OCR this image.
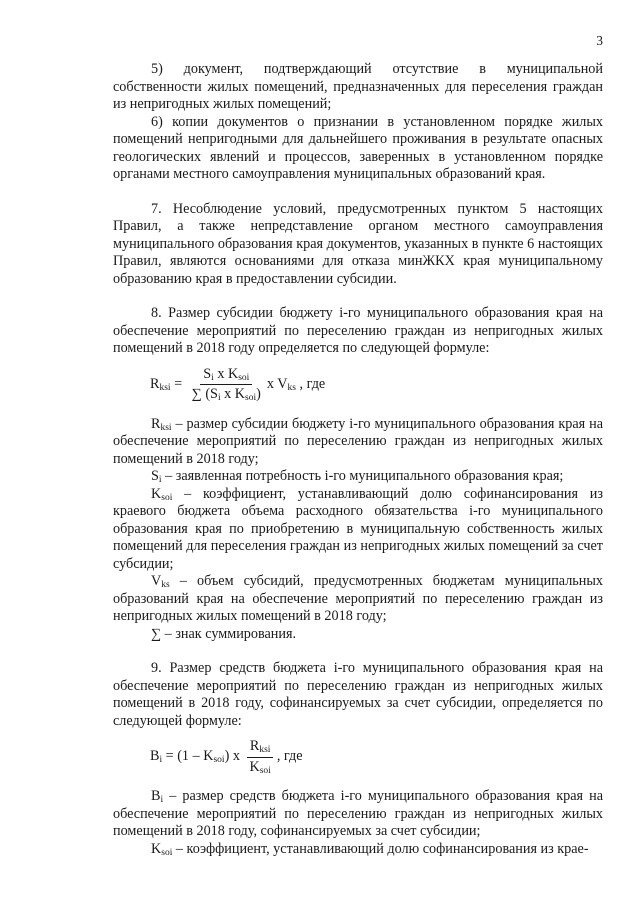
3

5) документ, подтверждающий отсутствие в муниципальной собственности жилых помещений, предназначенных для переселения граждан из непригодных жилых помещений;

6) копии документов о признании в установленном порядке жилых помещений непригодными для дальнейшего проживания в результате опасных геологических явлений и процессов, заверенных в установленном порядке органами местного самоуправления муниципальных образований края.

7. Несоблюдение условий, предусмотренных пунктом 5 настоящих Правил, а также непредставление органом местного самоуправления муниципального образования края документов, указанных в пункте 6 настоящих Правил, являются основаниями для отказа минЖКХ края муниципальному образованию края в предоставлении субсидии.

8. Размер субсидии бюджету i-го муниципального образования края на обеспечение мероприятий по переселению граждан из непригодных жилых помещений в 2018 году определяется по следующей формуле:

$R_{ksi} = \frac{S_i x K_{soi}}{\sum (S_i x K_{soi})}$ x $V_{ks}$ , где

$R_{ksi}$ – размер субсидии бюджету i-го муниципального образования края на обеспечение мероприятий по переселению граждан из непригодных жилых помещений в 2018 году;

$S_i$ – заявленная потребность i-го муниципального образования края;

$K_{soi}$ – коэффициент, устанавливающий долю софинансирования из краевого бюджета объема расходного обязательства i-го муниципального образования края по приобретению в муниципальную собственность жилых помещений для переселения граждан из непригодных жилых помещений за счет субсидии;

$V_{ks}$ – объем субсидий, предусмотренных бюджетам муниципальных образований края на обеспечение мероприятий по переселению граждан из непригодных жилых помещений в 2018 году;

∑ – знак суммирования.

9. Размер средств бюджета i-го муниципального образования края на обеспечение мероприятий по переселению граждан из непригодных жилых помещений в 2018 году, софинансируемых за счет субсидии, определяется по следующей формуле:

$B_i = (1 - K_{soi})$ x $\frac{R_{ksi}}{K_{soi}}$ , где

$B_i$ – размер средств бюджета i-го муниципального образования края на обеспечение мероприятий по переселению граждан из непригодных жилых помещений в 2018 году, софинансируемых за счет субсидии;

$K_{soi}$ – коэффициент, устанавливающий долю софинансирования из крае-
